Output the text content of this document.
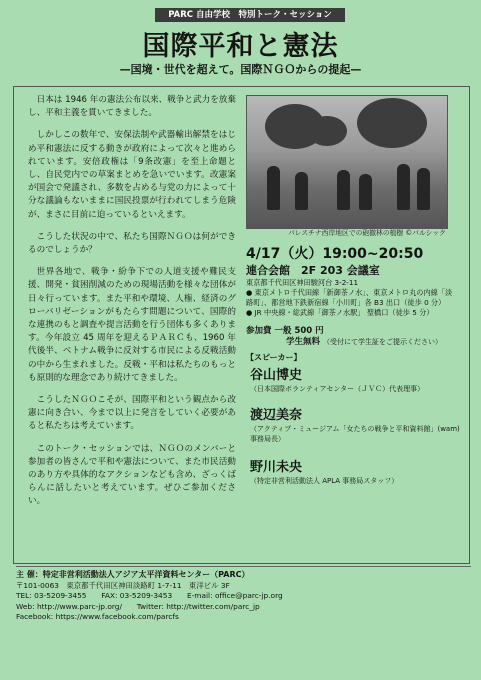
PARC 自由学校　特別トーク・セッション
国際平和と憲法
—国境・世代を超えて。国際ＮＧＯからの提起—

日本は 1946 年の憲法公布以来、戦争と武力を放棄し、平和主義を貫いてきました。

しかしこの数年で、安保法制や武器輸出解禁をはじめ平和憲法に反する動きが政府によって次々と進められています。安倍政権は「9条改憲」を至上命題とし、自民党内での草案まとめを急いでいます。改憲案が国会で発議され、多数を占める与党の力によって十分な議論もないままに国民投票が行われてしまう危険が、まさに目前に迫っているといえます。

こうした状況の中で、私たち国際ＮＧＯは何ができるのでしょうか？

世界各地で、戦争・紛争下での人道支援や難民支援、開発・貧困削減のための現場活動を様々な団体が日々行っています。また平和や環境、人権、経済のグローバリゼーションがもたらす問題について、国際的な連携のもと調査や提言活動を行う団体も多くあります。今年設立 45 周年を迎えるＰＡＲＣも、1960 年代後半、ベトナム戦争に反対する市民による反戦活動の中から生まれました。反戦・平和は私たちのもっとも原則的な理念であり続けてきました。

こうしたＮＧＯこそが、国際平和という観点から改憲に向き合い、今まで以上に発言をしていく必要があると私たちは考えています。

このトーク・セッションでは、ＮＧＯのメンバーと参加者の皆さんで平和や憲法について、また市民活動のあり方や具体的なアクションなども含め、ざっくばらんに話したいと考えています。ぜひご参加ください。

パレスチナ西岸地区での砲撤林の植樹 ©パルシック
4/17（火）19:00~20:50
連合会館　2F 203 会議室
東京都千代田区神田駿河台 3-2-11
● 東京メトロ千代田線「新御茶ノ水」、東京メトロ丸の内線「淡路町」、都営地下鉄新宿線「小川町」各 B3 出口（徒歩 0 分）
● JR 中央線・総武線「御茶ノ水駅」 聖橋口（徒歩 5 分）
参加費 一般 500 円
学生無料 （受付にて学生証をご提示ください）
【スピーカー】
谷山博史
（日本国際ボランティアセンター（ＪＶＣ）代表理事）
渡辺美奈
（アクティブ・ミュージアム「女たちの戦争と平和資料館」(wam) 事務局長）
野川未央
（特定非営利活動法人 APLA 事務局スタッフ）
主 催：特定非営利活動法人アジア太平洋資料センター（PARC）
〒101-0063　東京都千代田区神田淡路町 1-7-11　東洋ビル 3F
TEL: 03-5209-3455　　FAX: 03-5209-3453　　E-mail: office@parc-jp.org
Web: http://www.parc-jp.org/　　Twitter: http://twitter.com/parc_jp
Facebook: https://www.facebook.com/parcfs
